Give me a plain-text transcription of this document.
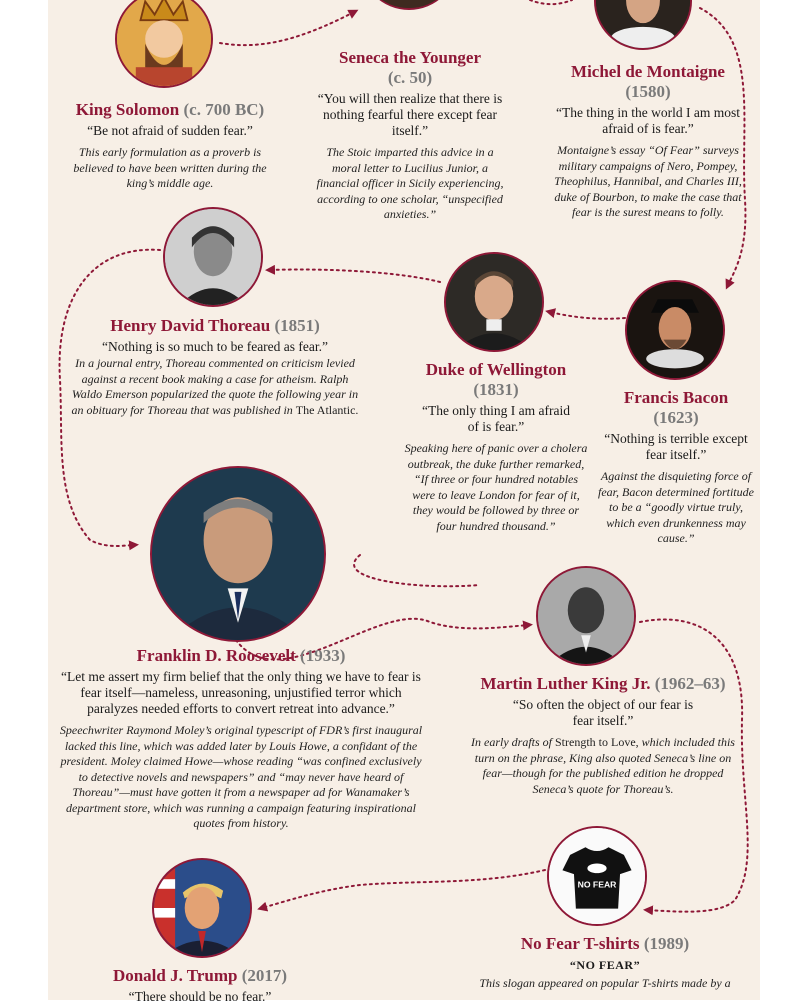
NO FEAR
King Solomon (c. 700 BC)
“Be not afraid of sudden fear.”
This early formulation as a proverb is believed to have been written during the king’s middle age.
Seneca the Younger
(c. 50)
“You will then realize that there is nothing fearful there except fear itself.”
The Stoic imparted this advice in a moral letter to Lucilius Junior, a financial officer in Sicily experiencing, according to one scholar, “unspecified anxieties.”
Michel de Montaigne
(1580)
“The thing in the world I am most afraid of is fear.”
Montaigne’s essay “Of Fear” surveys military campaigns of Nero, Pompey, Theophilus, Hannibal, and Charles III, duke of Bourbon, to make the case that fear is the surest means to folly.
Henry David Thoreau (1851)
“Nothing is so much to be feared as fear.”
In a journal entry, Thoreau commented on criticism levied against a recent book making a case for atheism. Ralph Waldo Emerson popularized the quote the following year in an obituary for Thoreau that was published in The Atlantic.
Duke of Wellington
(1831)
“The only thing I am afraid of is fear.”
Speaking here of panic over a cholera outbreak, the duke further remarked, “If three or four hundred notables were to leave London for fear of it, they would be followed by three or four hundred thousand.”
Francis Bacon
(1623)
“Nothing is terrible except fear itself.”
Against the disquieting force of fear, Bacon determined fortitude to be a “goodly virtue truly, which even drunkenness may cause.”
Franklin D. Roosevelt (1933)
“Let me assert my firm belief that the only thing we have to fear is fear itself—nameless, unreasoning, unjustified terror which paralyzes needed efforts to convert retreat into advance.”
Speechwriter Raymond Moley’s original typescript of FDR’s first inaugural lacked this line, which was added later by Louis Howe, a confidant of the president. Moley claimed Howe—whose reading “was confined exclusively to detective novels and newspapers” and “may never have heard of Thoreau”—must have gotten it from a newspaper ad for Wanamaker’s department store, which was running a campaign featuring inspirational quotes from history.
Martin Luther King Jr. (1962–63)
“So often the object of our fear is fear itself.”
In early drafts of Strength to Love, which included this turn on the phrase, King also quoted Seneca’s line on fear—though for the published edition he dropped Seneca’s quote for Thoreau’s.
No Fear T-shirts (1989)
“NO FEAR”
This slogan appeared on popular T-shirts made by a
Donald J. Trump (2017)
“There should be no fear.”
